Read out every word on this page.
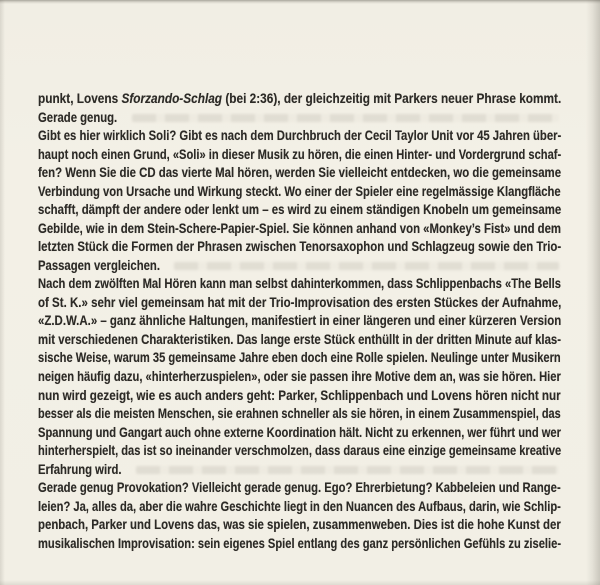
punkt, Lovens Sforzando-Schlag (bei 2:36), der gleichzeitig mit Parkers neuer Phrase kommt.
Gerade genug.
Gibt es hier wirklich Soli? Gibt es nach dem Durchbruch der Cecil Taylor Unit vor 45 Jahren über-
haupt noch einen Grund, «Soli» in dieser Musik zu hören, die einen Hinter- und Vordergrund schaf-
fen? Wenn Sie die CD das vierte Mal hören, werden Sie vielleicht entdecken, wo die gemeinsame
Verbindung von Ursache und Wirkung steckt. Wo einer der Spieler eine regelmässige Klangfläche
schafft, dämpft der andere oder lenkt um – es wird zu einem ständigen Knobeln um gemeinsame
Gebilde, wie in dem Stein-Schere-Papier-Spiel. Sie können anhand von «Monkey’s Fist» und dem
letzten Stück die Formen der Phrasen zwischen Tenorsaxophon und Schlagzeug sowie den Trio-
Passagen vergleichen.
Nach dem zwölften Mal Hören kann man selbst dahinterkommen, dass Schlippenbachs «The Bells
of St. K.» sehr viel gemeinsam hat mit der Trio-Improvisation des ersten Stückes der Aufnahme,
«Z.D.W.A.» – ganz ähnliche Haltungen, manifestiert in einer längeren und einer kürzeren Version
mit verschiedenen Charakteristiken. Das lange erste Stück enthüllt in der dritten Minute auf klas-
sische Weise, warum 35 gemeinsame Jahre eben doch eine Rolle spielen. Neulinge unter Musikern
neigen häufig dazu, «hinterherzuspielen», oder sie passen ihre Motive dem an, was sie hören. Hier
nun wird gezeigt, wie es auch anders geht: Parker, Schlippenbach und Lovens hören nicht nur
besser als die meisten Menschen, sie erahnen schneller als sie hören, in einem Zusammenspiel, das
Spannung und Gangart auch ohne externe Koordination hält. Nicht zu erkennen, wer führt und wer
hinterherspielt, das ist so ineinander verschmolzen, dass daraus eine einzige gemeinsame kreative
Erfahrung wird.
Gerade genug Provokation? Vielleicht gerade genug. Ego? Ehrerbietung? Kabbeleien und Range-
leien? Ja, alles da, aber die wahre Geschichte liegt in den Nuancen des Aufbaus, darin, wie Schlip-
penbach, Parker und Lovens das, was sie spielen, zusammenweben. Dies ist die hohe Kunst der
musikalischen Improvisation: sein eigenes Spiel entlang des ganz persönlichen Gefühls zu ziselie-
